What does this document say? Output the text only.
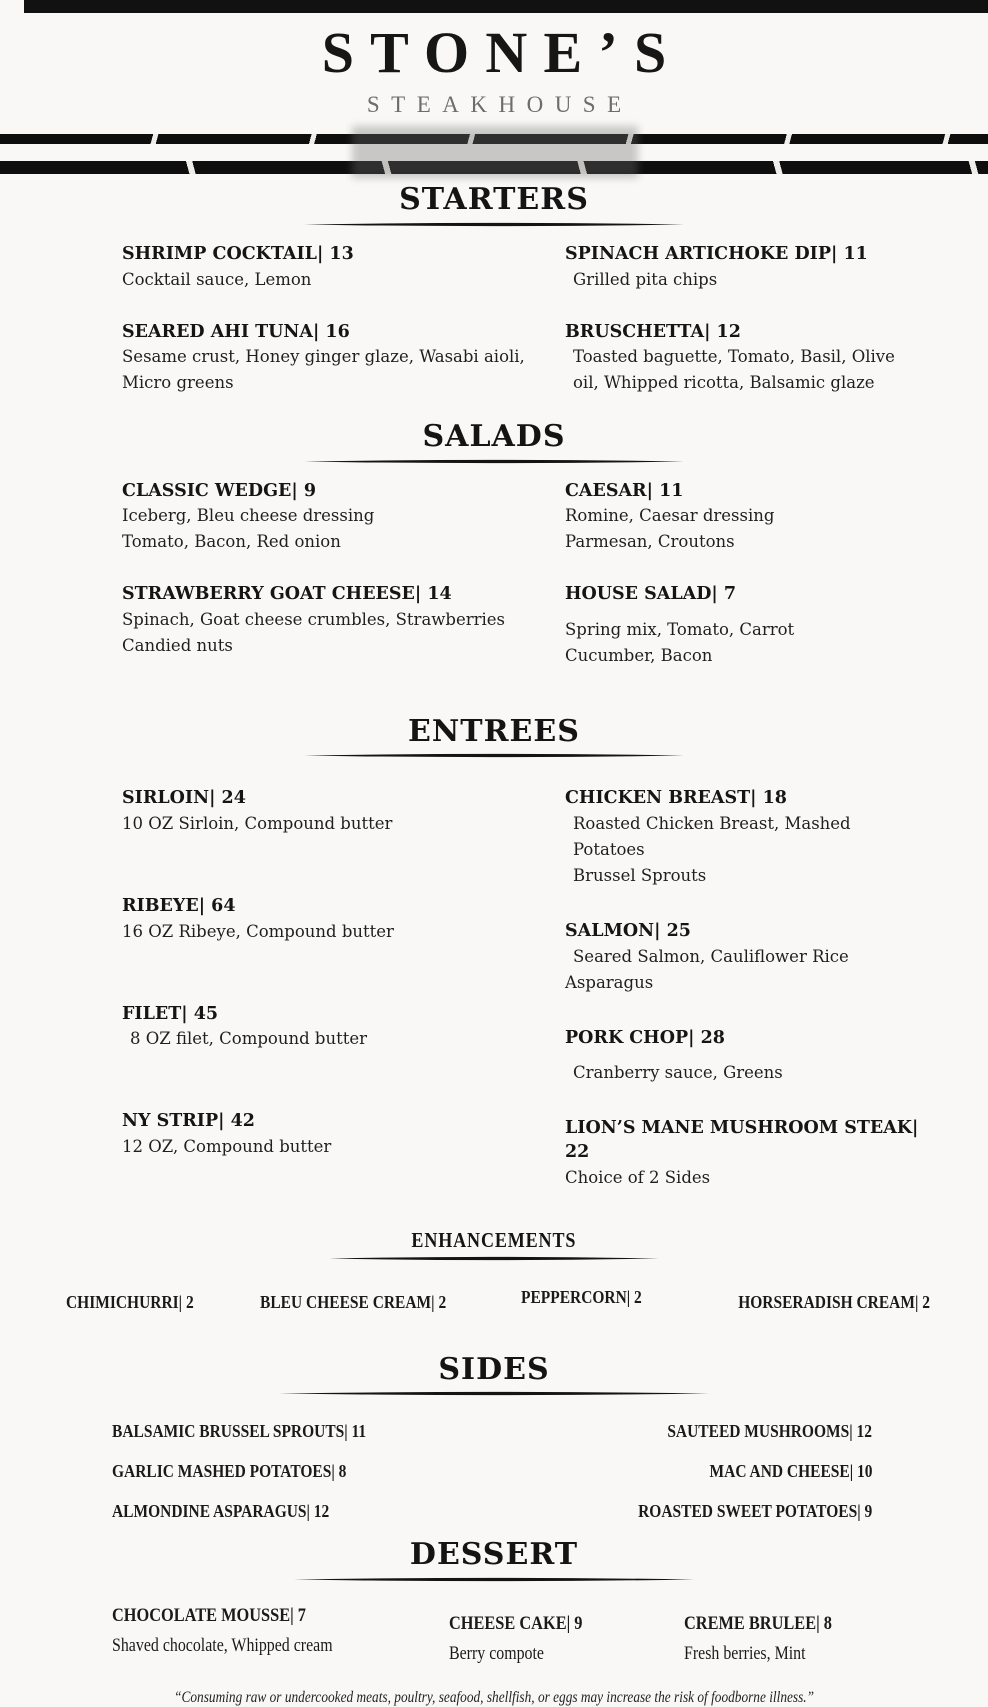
STONE’S
STEAKHOUSE
STARTERS
SHRIMP COCKTAIL| 13
Cocktail sauce, Lemon
SEARED AHI TUNA| 16
Sesame crust, Honey ginger glaze, Wasabi aioli,
Micro greens
SPINACH ARTICHOKE DIP| 11
Grilled pita chips
BRUSCHETTA| 12
Toasted baguette, Tomato, Basil, Olive
oil, Whipped ricotta, Balsamic glaze
SALADS
CLASSIC WEDGE| 9
Iceberg, Bleu cheese dressing
Tomato, Bacon, Red onion
STRAWBERRY GOAT CHEESE| 14
Spinach, Goat cheese crumbles, Strawberries
Candied nuts
CAESAR| 11
Romine, Caesar dressing
Parmesan, Croutons
HOUSE SALAD| 7
Spring mix, Tomato, Carrot
Cucumber, Bacon
ENTREES
SIRLOIN| 24
10 OZ Sirloin, Compound butter
RIBEYE| 64
16 OZ Ribeye, Compound butter
FILET| 45
8 OZ filet, Compound butter
NY STRIP| 42
12 OZ, Compound butter
CHICKEN BREAST| 18
Roasted Chicken Breast, Mashed
Potatoes
Brussel Sprouts
SALMON| 25
Seared Salmon, Cauliflower Rice
Asparagus
PORK CHOP| 28
Cranberry sauce, Greens
LION’S MANE MUSHROOM STEAK| 22
Choice of 2 Sides
ENHANCEMENTS
CHIMICHURRI| 2	BLEU CHEESE CREAM| 2	PEPPERCORN| 2	HORSERADISH CREAM| 2
SIDES
BALSAMIC BRUSSEL SPROUTS| 11	SAUTEED MUSHROOMS| 12
GARLIC MASHED POTATOES| 8	MAC AND CHEESE| 10
ALMONDINE ASPARAGUS| 12	ROASTED SWEET POTATOES| 9
DESSERT
CHOCOLATE MOUSSE| 7
Shaved chocolate, Whipped cream
CHEESE CAKE| 9
Berry compote
CREME BRULEE| 8
Fresh berries, Mint
“Consuming raw or undercooked meats, poultry, seafood, shellfish, or eggs may increase the risk of foodborne illness.”
